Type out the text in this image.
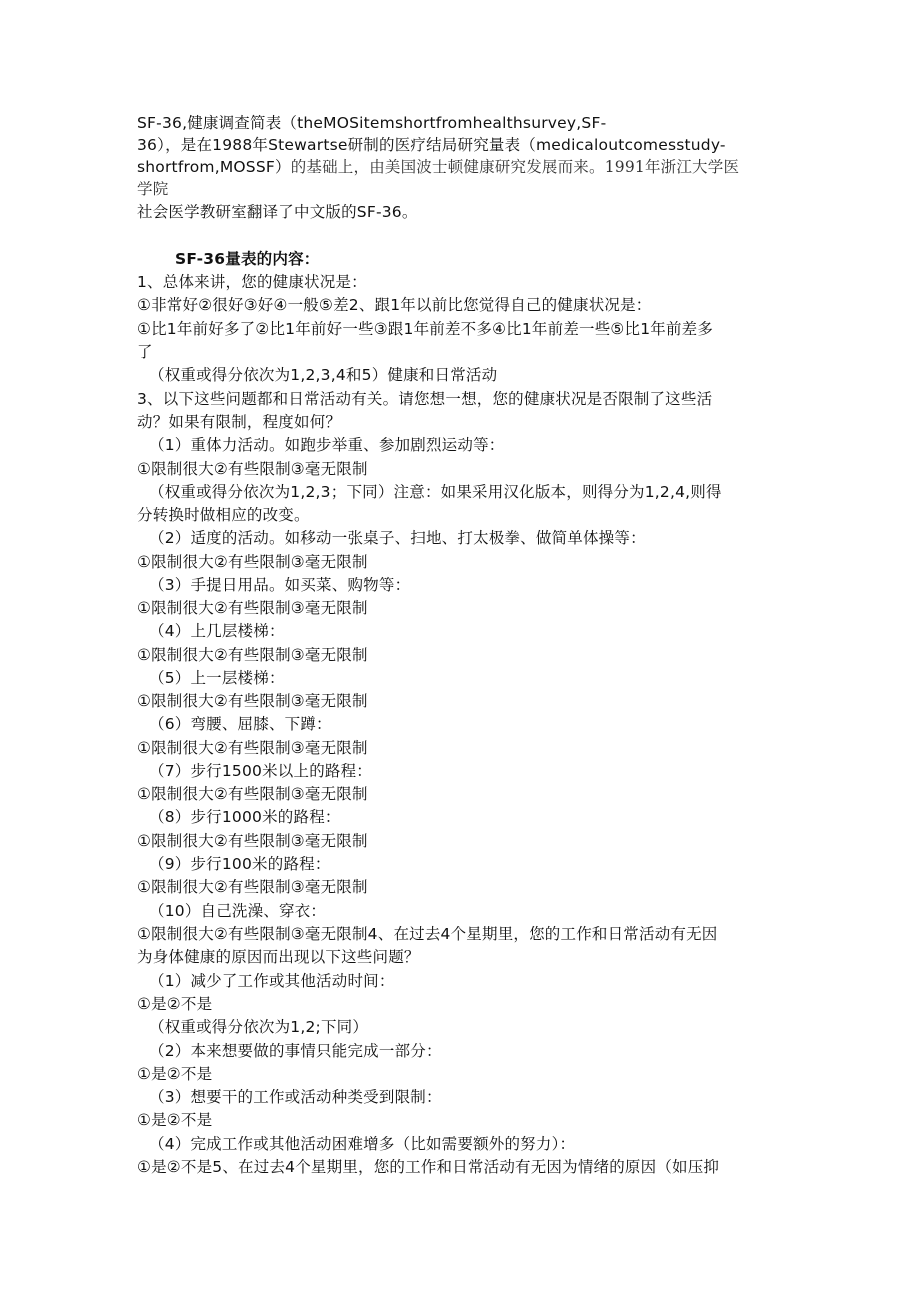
SF-36,健康调查简表（theMOSitemshortfromhealthsurvey,SF-
36），是在1988年Stewartse研制的医疗结局研究量表（medicaloutcomesstudy-
shortfrom,MOSSF）的基础上，由美国波士顿健康研究发展而来。1991年浙江大学医
学院
社会医学教研室翻译了中文版的SF-36。
SF-36量表的内容：
1、总体来讲，您的健康状况是：
①非常好②很好③好④一般⑤差2、跟1年以前比您觉得自己的健康状况是：
①比1年前好多了②比1年前好一些③跟1年前差不多④比1年前差一些⑤比1年前差多
了
（权重或得分依次为1,2,3,4和5）健康和日常活动
3、以下这些问题都和日常活动有关。请您想一想，您的健康状况是否限制了这些活
动？如果有限制，程度如何？
（1）重体力活动。如跑步举重、参加剧烈运动等：
①限制很大②有些限制③毫无限制
（权重或得分依次为1,2,3；下同）注意：如果采用汉化版本，则得分为1,2,4,则得
分转换时做相应的改变。
（2）适度的活动。如移动一张桌子、扫地、打太极拳、做简单体操等：
①限制很大②有些限制③毫无限制
（3）手提日用品。如买菜、购物等：
①限制很大②有些限制③毫无限制
（4）上几层楼梯：
①限制很大②有些限制③毫无限制
（5）上一层楼梯：
①限制很大②有些限制③毫无限制
（6）弯腰、屈膝、下蹲：
①限制很大②有些限制③毫无限制
（7）步行1500米以上的路程：
①限制很大②有些限制③毫无限制
（8）步行1000米的路程：
①限制很大②有些限制③毫无限制
（9）步行100米的路程：
①限制很大②有些限制③毫无限制
（10）自己洗澡、穿衣：
①限制很大②有些限制③毫无限制4、在过去4个星期里，您的工作和日常活动有无因
为身体健康的原因而出现以下这些问题？
（1）减少了工作或其他活动时间：
①是②不是
（权重或得分依次为1,2;下同）
（2）本来想要做的事情只能完成一部分：
①是②不是
（3）想要干的工作或活动种类受到限制：
①是②不是
（4）完成工作或其他活动困难增多（比如需要额外的努力）：
①是②不是5、在过去4个星期里，您的工作和日常活动有无因为情绪的原因（如压抑
